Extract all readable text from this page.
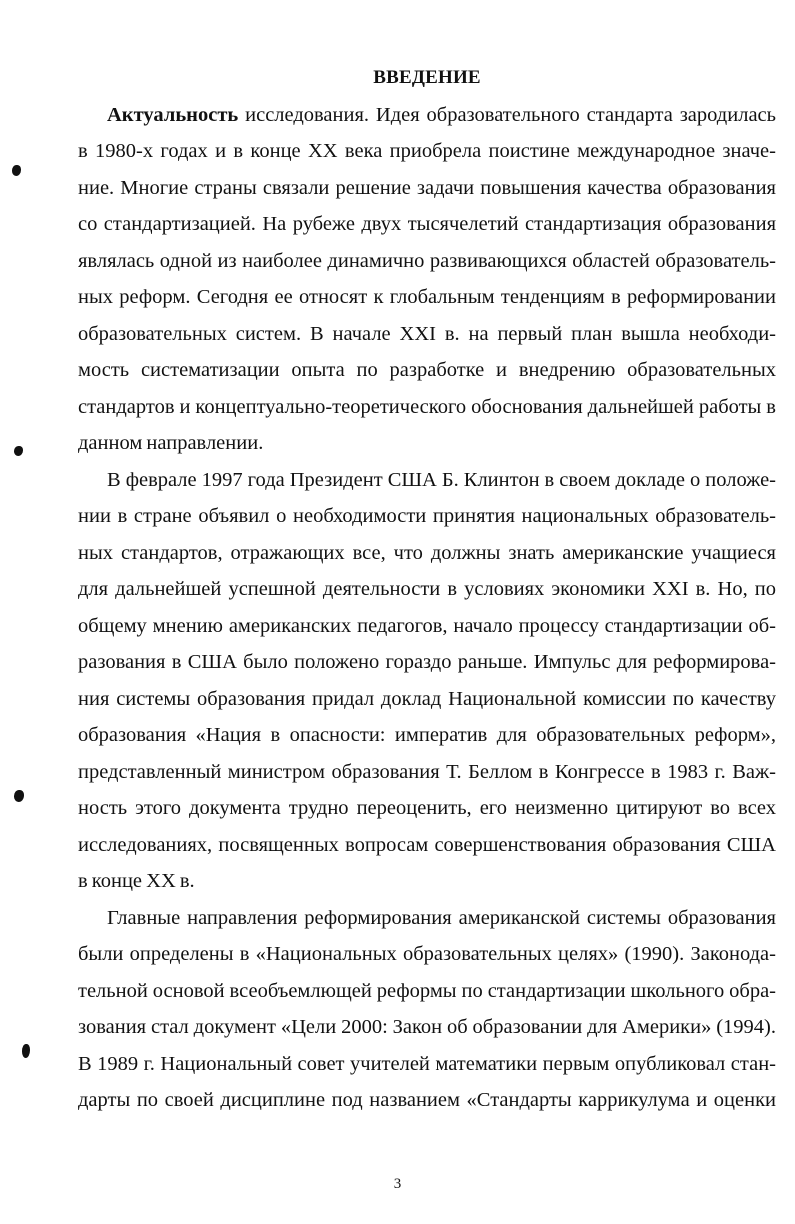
ВВЕДЕНИЕ
Актуальность исследования. Идея образовательного стандарта зародилась
в 1980-х годах и в конце XX века приобрела поистине международное значе-
ние. Многие страны связали решение задачи повышения качества образования
со стандартизацией. На рубеже двух тысячелетий стандартизация образования
являлась одной из наиболее динамично развивающихся областей образователь-
ных реформ. Сегодня ее относят к глобальным тенденциям в реформировании
образовательных систем. В начале XXI в. на первый план вышла необходи-
мость систематизации опыта по разработке и внедрению образовательных
стандартов и концептуально-теоретического обоснования дальнейшей работы в
данном направлении.
В феврале 1997 года Президент США Б. Клинтон в своем докладе о положе-
нии в стране объявил о необходимости принятия национальных образователь-
ных стандартов, отражающих все, что должны знать американские учащиеся
для дальнейшей успешной деятельности в условиях экономики XXI в. Но, по
общему мнению американских педагогов, начало процессу стандартизации об-
разования в США было положено гораздо раньше. Импульс для реформирова-
ния системы образования придал доклад Национальной комиссии по качеству
образования «Нация в опасности: императив для образовательных реформ»,
представленный министром образования Т. Беллом в Конгрессе в 1983 г. Важ-
ность этого документа трудно переоценить, его неизменно цитируют во всех
исследованиях, посвященных вопросам совершенствования образования США
в конце XX в.
Главные направления реформирования американской системы образования
были определены в «Национальных образовательных целях» (1990). Законода-
тельной основой всеобъемлющей реформы по стандартизации школьного обра-
зования стал документ «Цели 2000: Закон об образовании для Америки» (1994).
В 1989 г. Национальный совет учителей математики первым опубликовал стан-
дарты по своей дисциплине под названием «Стандарты каррикулума и оценки
3
